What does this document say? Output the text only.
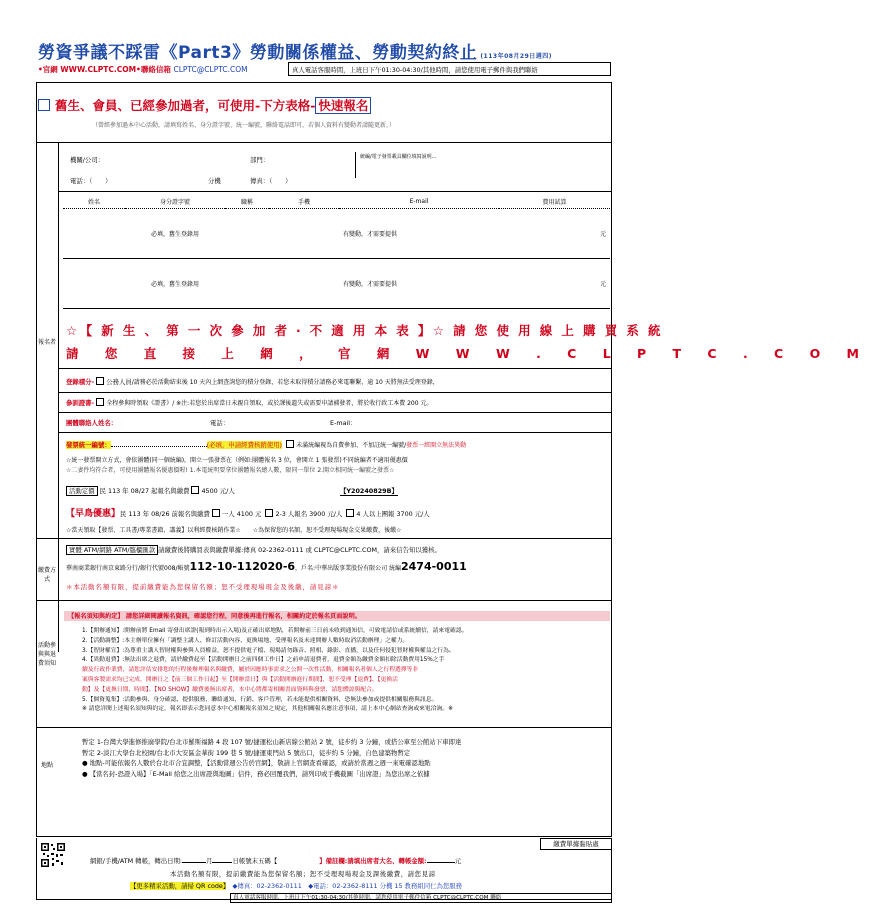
勞資爭議不踩雷《Part3》勞動關係權益、勞動契約終止 (113年08月29日週四)
•官網 WWW.CLPTC.COM•聯絡信箱 CLPTC@CLPTC.COM	真人電話客服時間，上班日下午01:30-04:30/其他時間，請您使用電子郵件與我們聯絡
舊生、會員、已經參加過者，可使用-下方表格- 快速報名
（曾經參加過本中心活動，請填寫姓名、身分證字號、統一編號，聯絡電話即可，若個人資料有變動者請隨更新。）
報名者
機關/公司：	部門：	統編/電子發票載具欄位填寫說明...
電話：（　　）	分機	傳真：（　　）
姓名	身分證字號	職稱	手機	E-mail	費用試算
	必填，舊生登錄用			有變動，才需要提供	元
	必填，舊生登錄用			有變動，才需要提供	元
☆【 新 生 、 第 一 次 參 加 者 ‧ 不 適 用 本 表 】☆ 請 您 使 用 線 上 購 買 系 統
請 您 直 接 上 網 ， 官 網 W W W . C L P T C . C O M
登錄積分- 公務人員/請務必於活動結束後 10 天內上網查詢您的積分登錄，若您未取得積分請務必來電聯繫，逾 10 天將無法受理登錄，
參訓證書- 全程參與時領取《證書》/ ※注:若您於出席當日未親自領取，或於課後遺失或需要申請補發者，將於收行政工本費 200 元。
團體聯絡人姓名：	電話：	E-mail：
發票統一編號：	(必填，申請經費核銷使用) 未滿統編視為自費參加，不加註統一編號/發票一經開立無法異動
☆統一發票開立方式，會依團體(同一個統編)，開立一張發票在（例如:團體報名 3 位，會開立 1 張發票)不同統編者不適用優惠價
☆二妻件均符合者，可使用團體報名優惠價喔! 1.本電統明要拿位團體報名總人數，限同一單位 2.開立相同統一編號之發票☆
活動定價 民 113 年 08/27 起報名與繳費 4500 元/人	【Y20240829B】
【早鳥優惠】民 113 年 08/26 前報名與繳費 一人 4100 元 2-3 人報名 3900 元/人 4 人以上團報 3700 元/人
☆當天領取【發票、工具書/專業書籍、講義】以利經費核銷作業☆　　 ☆為保留您的名額，恕不受理現場現金交果繳費，後繳☆
繳費方式
實體 ATM/網路 ATM/臨櫃匯款 請繳費後將購買表與繳費單據:傳真 02-2362-0111 或 CLPTC@CLPTC.COM，請來信告知以獲核。
華南商業銀行南京東路分行/銀行代號008/帳號112-10-112020-6，戶名:中華出版事業股份有限公司 統編2474-0011
＊本活動名額有限，提前繳費能為您保留名額；恕不受理現場現金及後繳，請見諒＊
活動參與與退費須知
【報名須知與約定】 請您詳細閱讀報名資訊，確認您行程，同意後再進行報名，相關約定於報名頁面說明。
1.【開辦通知】:開辦前將 Email 寄發出席證(報到時出示入場)及正確出席地點，若開辦前三日前未收到通知信，可致電請信或系統續信，請來電確認。
2.【活動調整】:本主辦單位擁有「調整主講人、修訂活動內容、更換場地、受理報名及未達開辦人數時取消活動辦理」之權力。
3.【智財權宣】:為尊重主講人智財權與參與人員權益，恕不提供電子檔、現場請勿錄音、照相、錄影、直播，以及任何侵犯智財權與權益之行為。
4.【異動退費】:無法出席之退費，請於繳費起至【活動開辦日之前四個工作日】之前申請退費者，退費金額為繳費金額扣除活動費用15%之手
續及行政作業費，請您評估安排您的行程後辦理報名與繳費，屬於因應時事需求之公開一次性活動，相關報名者個人之行程選擇等非
案與客製需求均已完成，開辦日之【前三個工作日起】至【開辦當日】與【活動開辦進行期間】，恕不受理【退費】、【更換活
動】及【更換日期、時間】。【NO SHOW】繳費後無出席者，本中心將都寄相關書面資料與發票，請您體諒與配合。
5.【個資蒐集】:活動參與、身分確認、提供服務、聯絡通知、行銷、客戶管理，若未能提供相關資料，恐無法參加或提供相關服務與訊息。
※ 請您詳閱上述報名須知與約定，報名即表示您同意本中心相關報名須知之規定，其他相關報名應注意事項，請上本中心網站查詢或來電洽詢。※
地點
暫定 1-台灣大學進修推廣學院/台北市羅斯福路 4 段 107 號/捷運松山新店線公館站 2 號，徒步約 3 分鐘，或搭公車至公館站下車即達
暫定 2-淡江大學台北校園/台北市大安區金華街 199 巷 5 號/捷運東門站 5 號出口，徒步約 5 分鐘，自色建築物暫定
● 地點-可能依報名人數於台北市合宜調整，【活動當週公告於官網】，敬請上官網查看確認，或請於當週之週一來電確認地點
● 【當名封-恐證入場】「E-Mail 給您之出席證與地圖」信件，務必回覆我們，請列印或手機截圖「出席證」為您出席之依據
繳費單據黏貼處
網銀/手機/ATM 轉帳，轉出日期:	月	日帳號末五碼【	】備註欄:請填出席者大名、轉帳金額:	元
本活動名額有限，提前繳費能為您保留名額；恕不受理現場現金及課後繳費，請您見諒
【更多精采活動，請掃 QR code】　 ◆傳真：02-2362-0111　 ◆電話：02-2362-8111 分機 15 教務組同仁為您服務
真人電話客服時間，上班日下午01:30-04:30/其他時間，請您使用電子郵件信箱 CLPTC@CLPTC.COM 聯絡
